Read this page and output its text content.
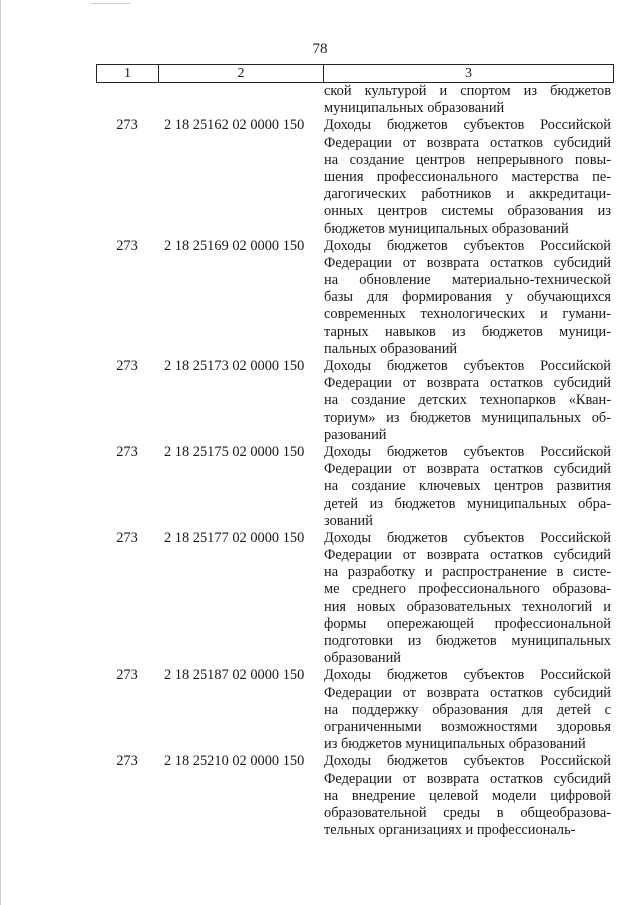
78
1	2	3
ской культурой и спортом из бюджетов
муниципальных образований
273	2 18 25162 02 0000 150	Доходы бюджетов субъектов Российской
Федерации от возврата остатков субсидий
на создание центров непрерывного повы-
шения профессионального мастерства пе-
дагогических работников и аккредитаци-
онных центров системы образования из
бюджетов муниципальных образований
273	2 18 25169 02 0000 150	Доходы бюджетов субъектов Российской
Федерации от возврата остатков субсидий
на обновление материально-технической
базы для формирования у обучающихся
современных технологических и гумани-
тарных навыков из бюджетов муници-
пальных образований
273	2 18 25173 02 0000 150	Доходы бюджетов субъектов Российской
Федерации от возврата остатков субсидий
на создание детских технопарков «Кван-
ториум» из бюджетов муниципальных об-
разований
273	2 18 25175 02 0000 150	Доходы бюджетов субъектов Российской
Федерации от возврата остатков субсидий
на создание ключевых центров развития
детей из бюджетов муниципальных обра-
зований
273	2 18 25177 02 0000 150	Доходы бюджетов субъектов Российской
Федерации от возврата остатков субсидий
на разработку и распространение в систе-
ме среднего профессионального образова-
ния новых образовательных технологий и
формы опережающей профессиональной
подготовки из бюджетов муниципальных
образований
273	2 18 25187 02 0000 150	Доходы бюджетов субъектов Российской
Федерации от возврата остатков субсидий
на поддержку образования для детей с
ограниченными возможностями здоровья
из бюджетов муниципальных образований
273	2 18 25210 02 0000 150	Доходы бюджетов субъектов Российской
Федерации от возврата остатков субсидий
на внедрение целевой модели цифровой
образовательной среды в общеобразова-
тельных организациях и профессиональ-
